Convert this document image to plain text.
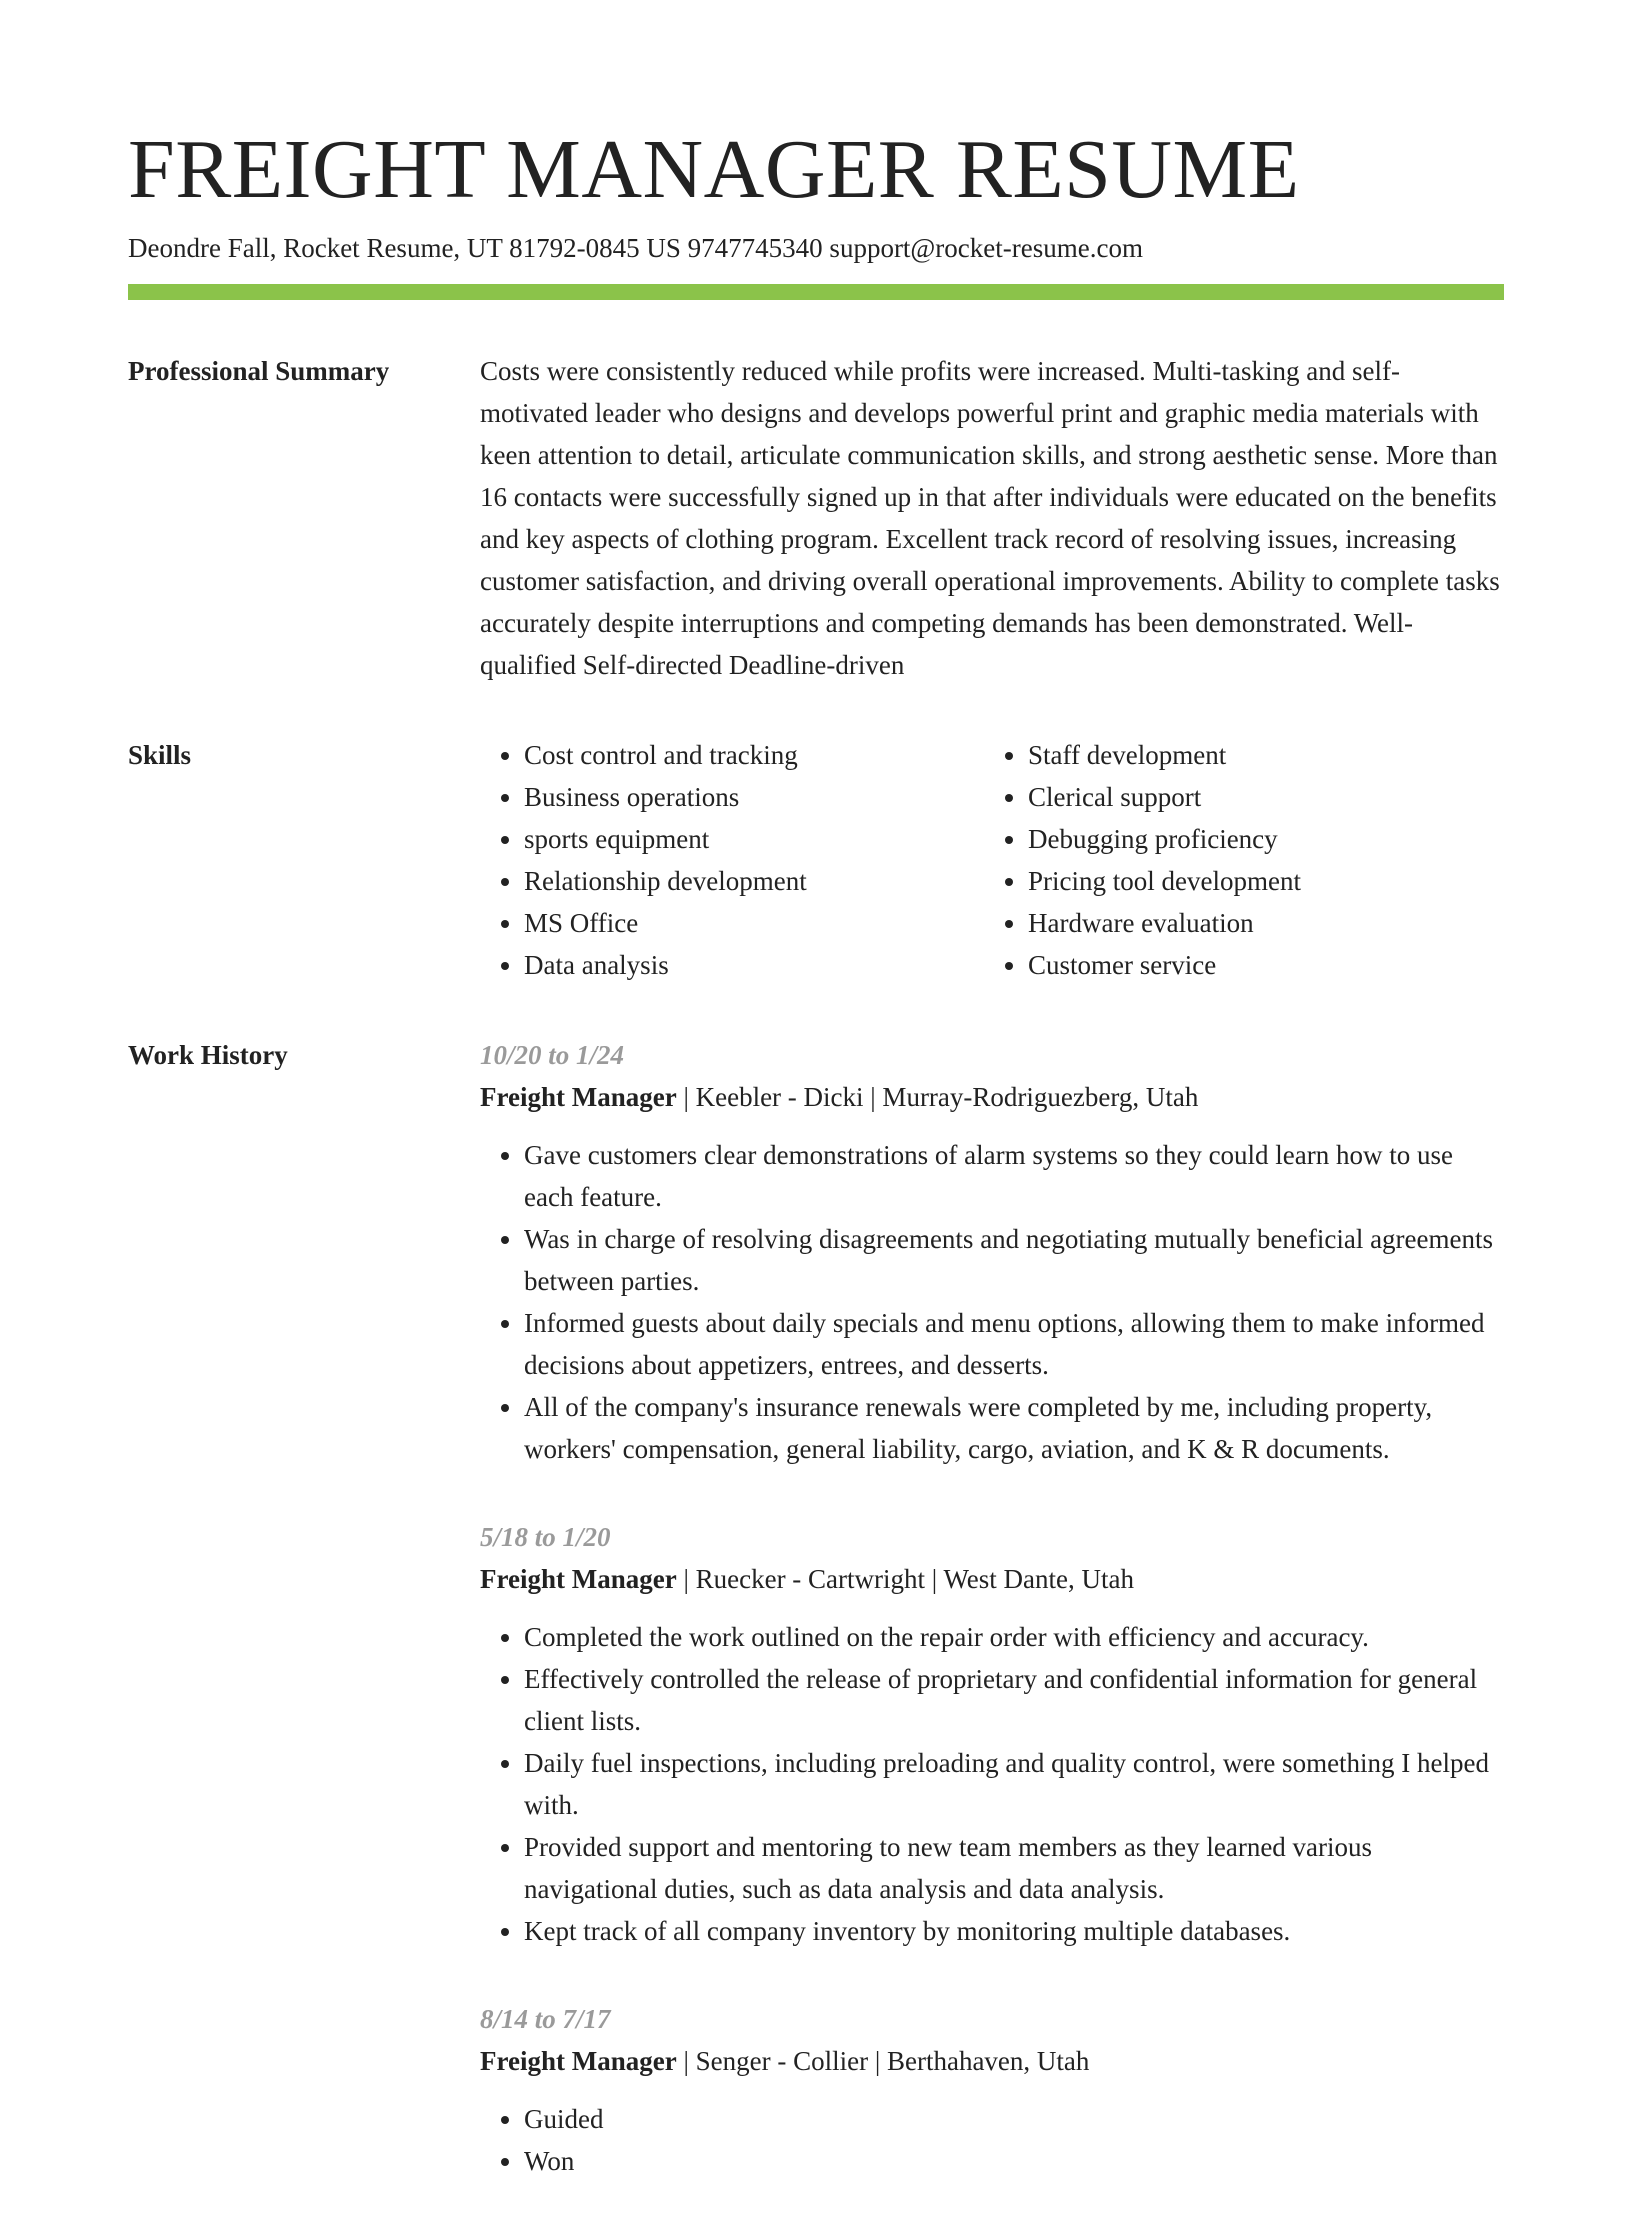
FREIGHT MANAGER RESUME
Deondre Fall, Rocket Resume, UT 81792-0845 US 9747745340 support@rocket-resume.com
Professional Summary	Costs were consistently reduced while profits were increased. Multi-tasking and self-motivated leader who designs and develops powerful print and graphic media materials with keen attention to detail, articulate communication skills, and strong aesthetic sense. More than 16 contacts were successfully signed up in that after individuals were educated on the benefits and key aspects of clothing program. Excellent track record of resolving issues, increasing customer satisfaction, and driving overall operational improvements. Ability to complete tasks accurately despite interruptions and competing demands has been demonstrated. Well-qualified Self-directed Deadline-driven

Skills
•	Cost control and tracking
• Business operations
• sports equipment
• Relationship development
• MS Office
• Data analysis
• Staff development
• Clerical support
• Debugging proficiency
• Pricing tool development
• Hardware evaluation
• Customer service
Work History	10/20 to 1/24
Freight Manager | Keebler - Dicki | Murray-Rodriguezberg, Utah
• Gave customers clear demonstrations of alarm systems so they could learn how to use each feature.
• Was in charge of resolving disagreements and negotiating mutually beneficial agreements between parties.
• Informed guests about daily specials and menu options, allowing them to make informed decisions about appetizers, entrees, and desserts.
• All of the company's insurance renewals were completed by me, including property, workers' compensation, general liability, cargo, aviation, and K & R documents.
5/18 to 1/20
Freight Manager | Ruecker - Cartwright | West Dante, Utah
• Completed the work outlined on the repair order with efficiency and accuracy.
• Effectively controlled the release of proprietary and confidential information for general client lists.
• Daily fuel inspections, including preloading and quality control, were something I helped with.
• Provided support and mentoring to new team members as they learned various navigational duties, such as data analysis and data analysis.
• Kept track of all company inventory by monitoring multiple databases.
8/14 to 7/17
Freight Manager | Senger - Collier | Berthahaven, Utah
• Guided
• Won
